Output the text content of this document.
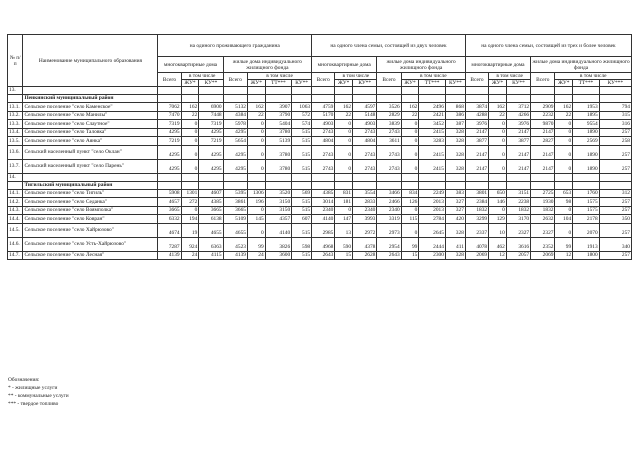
№ п/п	Наименование муниципального образования	на одиного проживающего гражданина							на одного члена семьи, состоящей из двух человек							на одного члена семьи, состоящей из трех и более человек						
		многоквартирные дома			жилые дома индивидуального жилищного фонда				многоквартирные дома			жилые дома индивидуального жилищного фонда				многоквартирные дома			жилые дома индивидуального жилищного фонда			
		Всего	в том числе		Всего	в том числе			Всего	в том числе		Всего	в том числе			Всего	в том числе		Всего	в том числе		
			ЖУ*	КУ**		ЖУ*	ТТ***	КУ**		ЖУ*	КУ**		ЖУ*	ТТ***	КУ**		ЖУ*	КУ**		ЖУ*	ТТ***	КУ***
13.																						
	Пенкинский муниципальный район																					
13.1.	Сельское поселение "село Каменское"	7062	162	6900	5132	162	3907	1063	4759	162	4597	3526	162	2496	868	3874	162	3712	2909	162	1953	794
13.2.	Сельское поселение "село Манилы"	7470	22	7448	4384	22	3790	572	5170	22	5148	2829	22	2421	386	4288	22	4266	2232	22	1895	315
13.3.	Сельское поселение "село Слаутное"	7319	0	7319	5978	0	5404	574	4903	0	4903	3839	0	3452	387	3976	0	3976	9870	0	9554	316
13.4.	Сельское поселение "село Таловка"	4295	0	4295	4295	0	3780	515	2743	0	2743	2743	0	2415	328	2147	0	2147	2147	0	1890	257
13.5.	Сельское поселение "село Аянка"	7219	0	7219	5654	0	5139	515	4804	0	4804	3611	0	3283	328	3877	0	3877	2827	0	2569	258
13.6.	Сельский населенный пункт "село Оклан"	4295	0	4295	4295	0	3780	515	2743	0	2743	2743	0	2415	328	2147	0	2147	2147	0	1890	257
13.7.	Сельский населенный пункт "село Парень"	4295	0	4295	4295	0	3780	515	2743	0	2743	2743	0	2415	328	2147	0	2147	2147	0	1890	257
14.																						
	Тигильский муниципальный район																					
14.1.	Сельское поселение "село Тигиль"	5908	1301	4607	5395	1306	3520	569	4385	831	3554	3466	834	2249	383	3801	650	3151	2725	653	1760	312
14.2.	Сельское поселение "село Седанка"	4657	272	4385	3861	196	3150	515	3014	181	2833	2466	126	2013	327	2384	146	2238	1930	98	1575	257
14.3.	Сельское поселение "село Воямполка"	3665	0	3665	3665	0	3150	515	2340	0	2340	2340	0	2013	327	1832	0	1832	1832	0	1575	257
14.4.	Сельское поселение "село Ковран"	6332	194	6138	5109	145	4357	607	4140	147	3993	3319	115	2784	420	3299	129	3170	2632	104	2178	350
14.5.	Сельское поселение "село Хайрюзово"	4674	19	4655	4655	0	4140	515	2985	13	2972	2973	0	2645	328	2337	10	2327	2327	0	2070	257
14.6.	Сельское поселение "село Усть-Хайрюзово"	7287	924	6363	4523	99	3826	598	4968	590	4378	2954	99	2444	411	4078	462	3616	2352	99	1913	340
14.7.	Сельское поселение "село Лесная"	4139	24	4115	4139	24	3600	515	2643	15	2628	2643	15	2300	328	2069	12	2057	2069	12	1800	257
Обозначения:
* - жилищные услуги
** - коммунальные услуги
*** - твердое топливо
